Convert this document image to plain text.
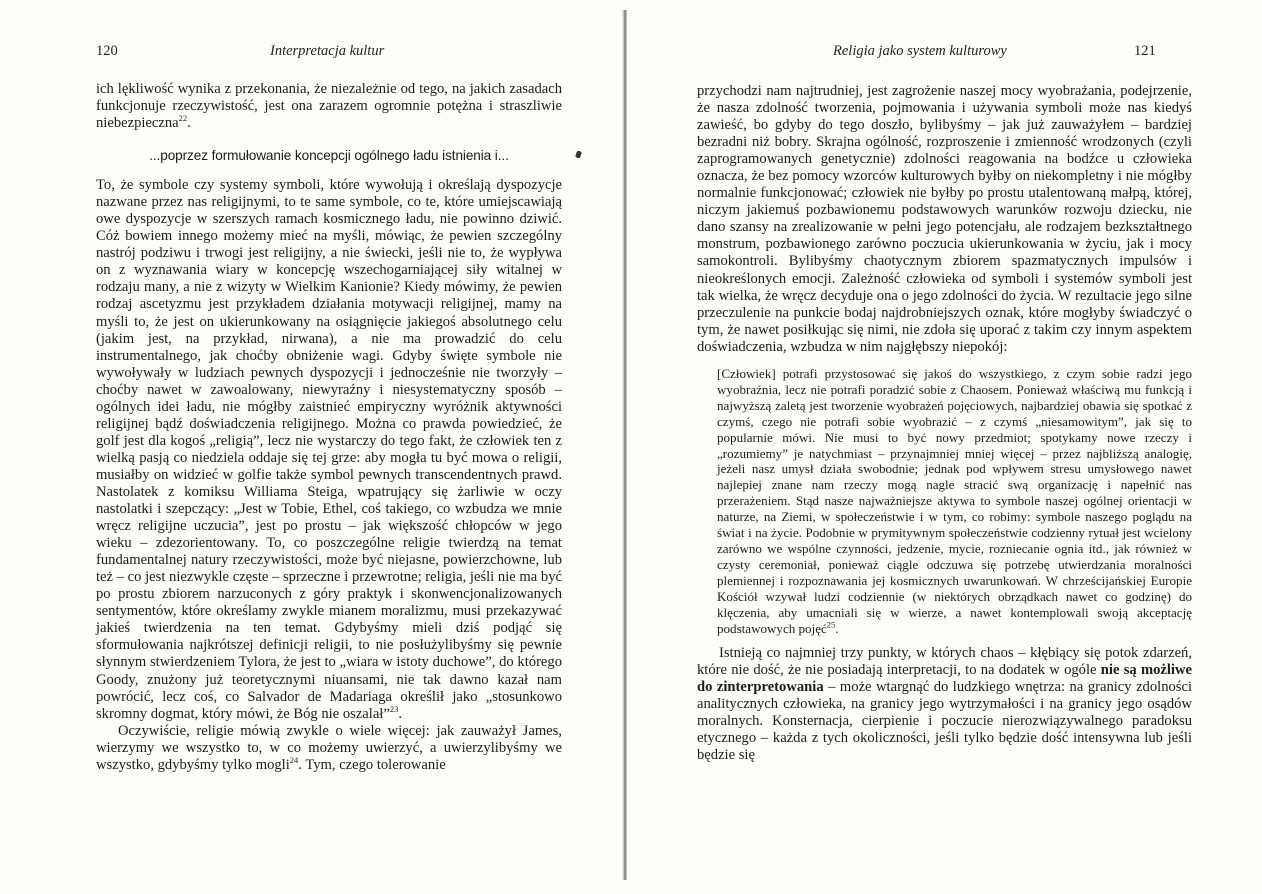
120	Interpretacja kultur

ich lękliwość wynika z przekonania, że niezależnie od tego, na jakich zasadach funkcjonuje rzeczywistość, jest ona zarazem ogromnie potężna i straszliwie niebezpieczna$^{22}$.

...poprzez formułowanie koncepcji ogólnego ładu istnienia i...

To, że symbole czy systemy symboli, które wywołują i określają dyspozycje nazwane przez nas religijnymi, to te same symbole, co te, które umiejscawiają owe dyspozycje w szerszych ramach kosmicznego ładu, nie powinno dziwić. Cóż bowiem innego możemy mieć na myśli, mówiąc, że pewien szczególny nastrój podziwu i trwogi jest religijny, a nie świecki, jeśli nie to, że wypływa on z wyznawania wiary w koncepcję wszechogarniającej siły witalnej w rodzaju many, a nie z wizyty w Wielkim Kanionie? Kiedy mówimy, że pewien rodzaj ascetyzmu jest przykładem działania motywacji religijnej, mamy na myśli to, że jest on ukierunkowany na osiągnięcie jakiegoś absolutnego celu (jakim jest, na przykład, nirwana), a nie ma prowadzić do celu instrumentalnego, jak choćby obniżenie wagi. Gdyby święte symbole nie wywoływały w ludziach pewnych dyspozycji i jednocześnie nie tworzyły – choćby nawet w zawoalowany, niewyraźny i niesystematyczny sposób – ogólnych idei ładu, nie mógłby zaistnieć empiryczny wyróżnik aktywności religijnej bądź doświadczenia religijnego. Można co prawda powiedzieć, że golf jest dla kogoś „religią”, lecz nie wystarczy do tego fakt, że człowiek ten z wielką pasją co niedziela oddaje się tej grze: aby mogła tu być mowa o religii, musiałby on widzieć w golfie także symbol pewnych transcendentnych prawd. Nastolatek z komiksu Williama Steiga, wpatrujący się żarliwie w oczy nastolatki i szepczący: „Jest w Tobie, Ethel, coś takiego, co wzbudza we mnie wręcz religijne uczucia”, jest po prostu – jak większość chłopców w jego wieku – zdezorientowany. To, co poszczególne religie twierdzą na temat fundamentalnej natury rzeczywistości, może być niejasne, powierzchowne, lub też – co jest niezwykle częste – sprzeczne i przewrotne; religia, jeśli nie ma być po prostu zbiorem narzuconych z góry praktyk i skonwencjonalizowanych sentymentów, które określamy zwykle mianem moralizmu, musi przekazywać jakieś twierdzenia na ten temat. Gdybyśmy mieli dziś podjąć się sformułowania najkrótszej definicji religii, to nie posłużylibyśmy się pewnie słynnym stwierdzeniem Tylora, że jest to „wiara w istoty duchowe”, do którego Goody, znużony już teoretycznymi niuansami, nie tak dawno kazał nam powrócić, lecz coś, co Salvador de Madariaga określił jako „stosunkowo skromny dogmat, który mówi, że Bóg nie oszalał”$^{23}$.

Oczywiście, religie mówią zwykle o wiele więcej: jak zauważył James, wierzymy we wszystko to, w co możemy uwierzyć, a uwierzylibyśmy we wszystko, gdybyśmy tylko mogli$^{24}$. Tym, czego tolerowanie

Religia jako system kulturowy	121

przychodzi nam najtrudniej, jest zagrożenie naszej mocy wyobrażania, podejrzenie, że nasza zdolność tworzenia, pojmowania i używania symboli może nas kiedyś zawieść, bo gdyby do tego doszło, bylibyśmy – jak już zauważyłem – bardziej bezradni niż bobry. Skrajna ogólność, rozproszenie i zmienność wrodzonych (czyli zaprogramowanych genetycznie) zdolności reagowania na bodźce u człowieka oznacza, że bez pomocy wzorców kulturowych byłby on niekompletny i nie mógłby normalnie funkcjonować; człowiek nie byłby po prostu utalentowaną małpą, której, niczym jakiemuś pozbawionemu podstawowych warunków rozwoju dziecku, nie dano szansy na zrealizowanie w pełni jego potencjału, ale rodzajem bezkształtnego monstrum, pozbawionego zarówno poczucia ukierunkowania w życiu, jak i mocy samokontroli. Bylibyśmy chaotycznym zbiorem spazmatycznych impulsów i nieokreślonych emocji. Zależność człowieka od symboli i systemów symboli jest tak wielka, że wręcz decyduje ona o jego zdolności do życia. W rezultacie jego silne przeczulenie na punkcie bodaj najdrobniejszych oznak, które mogłyby świadczyć o tym, że nawet posiłkując się nimi, nie zdoła się uporać z takim czy innym aspektem doświadczenia, wzbudza w nim najgłębszy niepokój:

[Człowiek] potrafi przystosować się jakoś do wszystkiego, z czym sobie radzi jego wyobraźnia, lecz nie potrafi poradzić sobie z Chaosem. Ponieważ właściwą mu funkcją i najwyższą zaletą jest tworzenie wyobrażeń pojęciowych, najbardziej obawia się spotkać z czymś, czego nie potrafi sobie wyobrazić – z czymś „niesamowitym”, jak się to popularnie mówi. Nie musi to być nowy przedmiot; spotykamy nowe rzeczy i „rozumiemy” je natychmiast – przynajmniej mniej więcej – przez najbliższą analogię, jeżeli nasz umysł działa swobodnie; jednak pod wpływem stresu umysłowego nawet najlepiej znane nam rzeczy mogą nagle stracić swą organizację i napełnić nas przerażeniem. Stąd nasze najważniejsze aktywa to symbole naszej ogólnej orientacji w naturze, na Ziemi, w społeczeństwie i w tym, co robimy: symbole naszego poglądu na świat i na życie. Podobnie w prymitywnym społeczeństwie codzienny rytuał jest wcielony zarówno we wspólne czynności, jedzenie, mycie, rozniecanie ognia itd., jak również w czysty ceremoniał, ponieważ ciągle odczuwa się potrzebę utwierdzania moralności plemiennej i rozpoznawania jej kosmicznych uwarunkowań. W chrześcijańskiej Europie Kościół wzywał ludzi codziennie (w niektórych obrządkach nawet co godzinę) do klęczenia, aby umacniali się w wierze, a nawet kontemplowali swoją akceptację podstawowych pojęć$^{25}$.

Istnieją co najmniej trzy punkty, w których chaos – kłębiący się potok zdarzeń, które nie dość, że nie posiadają interpretacji, to na dodatek w ogóle nie są możliwe do zinterpretowania – może wtargnąć do ludzkiego wnętrza: na granicy zdolności analitycznych człowieka, na granicy jego wytrzymałości i na granicy jego osądów moralnych. Konsternacja, cierpienie i poczucie nierozwiązywalnego paradoksu etycznego – każda z tych okoliczności, jeśli tylko będzie dość intensywna lub jeśli będzie się
